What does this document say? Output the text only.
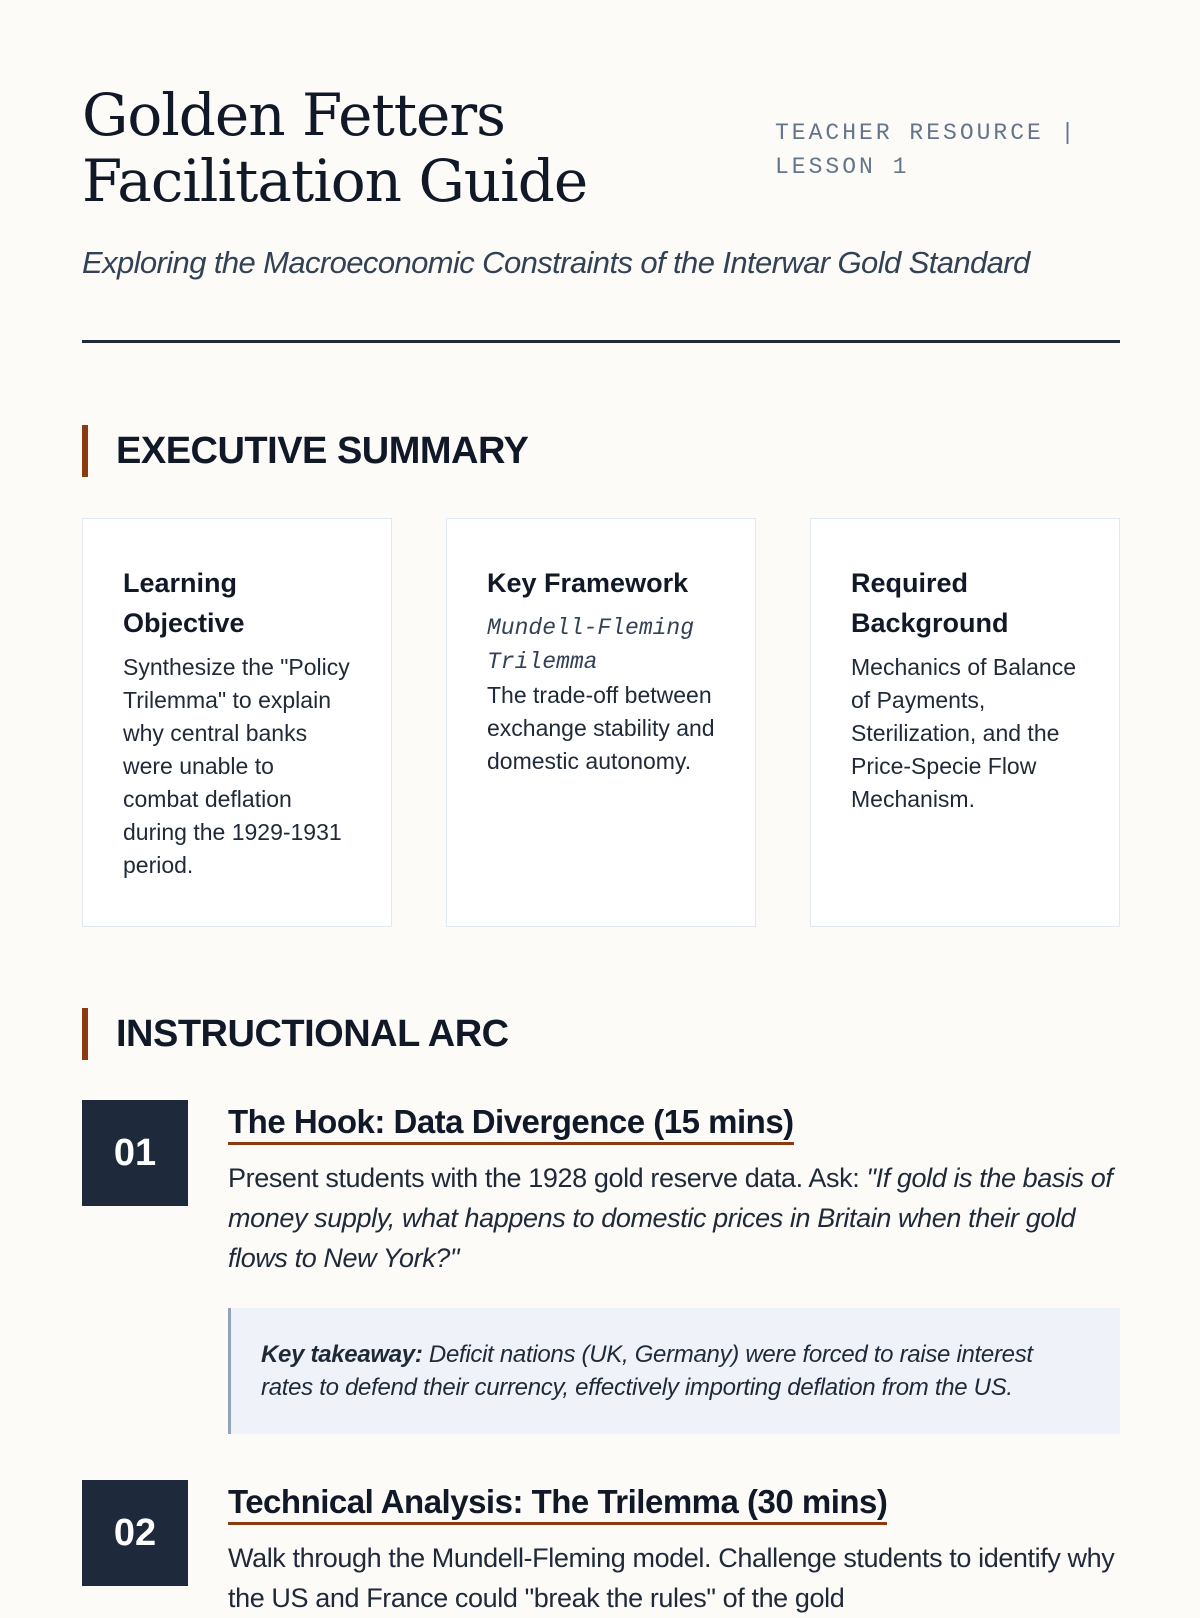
Golden Fetters
Facilitation Guide
TEACHER RESOURCE |
LESSON 1
Exploring the Macroeconomic Constraints of the Interwar Gold Standard
EXECUTIVE SUMMARY
Learning Objective

Synthesize the "Policy Trilemma" to explain why central banks were unable to combat deflation during the 1929-1931 period.

Key Framework

Mundell-Fleming Trilemma

The trade-off between exchange stability and domestic autonomy.

Required Background

Mechanics of Balance of Payments, Sterilization, and the Price-Specie Flow Mechanism.

INSTRUCTIONAL ARC
01
The Hook: Data Divergence (15 mins)

Present students with the 1928 gold reserve data. Ask: "If gold is the basis of money supply, what happens to domestic prices in Britain when their gold flows to New York?"

Key takeaway: Deficit nations (UK, Germany) were forced to raise interest rates to defend their currency, effectively importing deflation from the US.
02
Technical Analysis: The Trilemma (30 mins)

Walk through the Mundell-Fleming model. Challenge students to identify why the US and France could "break the rules" of the gold
